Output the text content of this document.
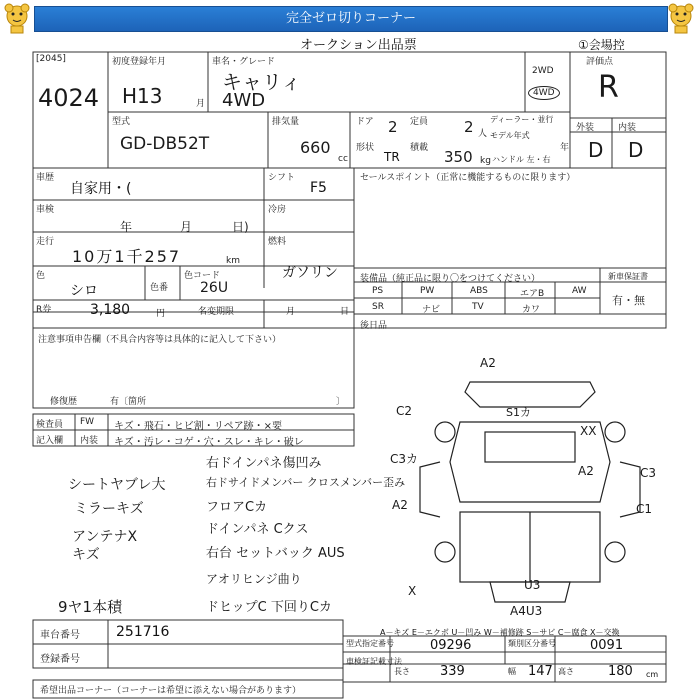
完全ゼロ切りコーナー
オークション出品票	①会場控
[2045]
4024
初度登録年月
H13	月
車名・グレード
キャリィ
4WD
2WD
4WD
評価点
R
型式
GD-DB52T
排気量
660
cc
ドア 2 定員 2 人
ディーラー・並行
モデル年式
年
形状
TR
積載 350 kg ハンドル 左・右
外装	内装
D D
車歴
自家用・(
シフト
F5
車検
年	月	日)
冷房
走行
10万1千257	km
燃料
ガソリン
色
シロ	色番
色コード
26U
R券	3,180	円	名変期限	月	日
セールスポイント（正常に機能するものに限ります）
装備品（純正品に限り〇をつけてください）	新車保証書
有・無
PS	PW	ABS	エアB	AW
SR	ナビ	TV	カワ
後日品
注意事項申告欄（不具合内容等は具体的に記入して下さい）
修復歴	有〔箇所	〕
検査員
記入欄
FW
内装
キズ・飛石・ヒビ割・リペア跡・×要
キズ・汚レ・コゲ・穴・スレ・キレ・破レ
シートヤブレ大
ミラーキズ
アンテナX
キズ
右ドインパネ傷凹み
右ドサイドメンバー クロスメンバー歪み
フロアCカ
ドインパネ Cクス
右台 セットバック AUS
アオリヒンジ曲り
9ヤ1本積	ドヒップC 下回りCカ
A2
C2	S1カ
XX
C3カ
A2	C3
A2	C1
U3
A4U3
X
A－キズ E－エクボ U－凹み W－補修跡 S－サビ C－腐食 X－交換
車台番号	251716
登録番号
型式指定番号	09296	類別区分番号	0091
車検証記載寸法
長さ 339	幅 147 高さ	180 cm
希望出品コーナー（コーナーは希望に添えない場合があります）
